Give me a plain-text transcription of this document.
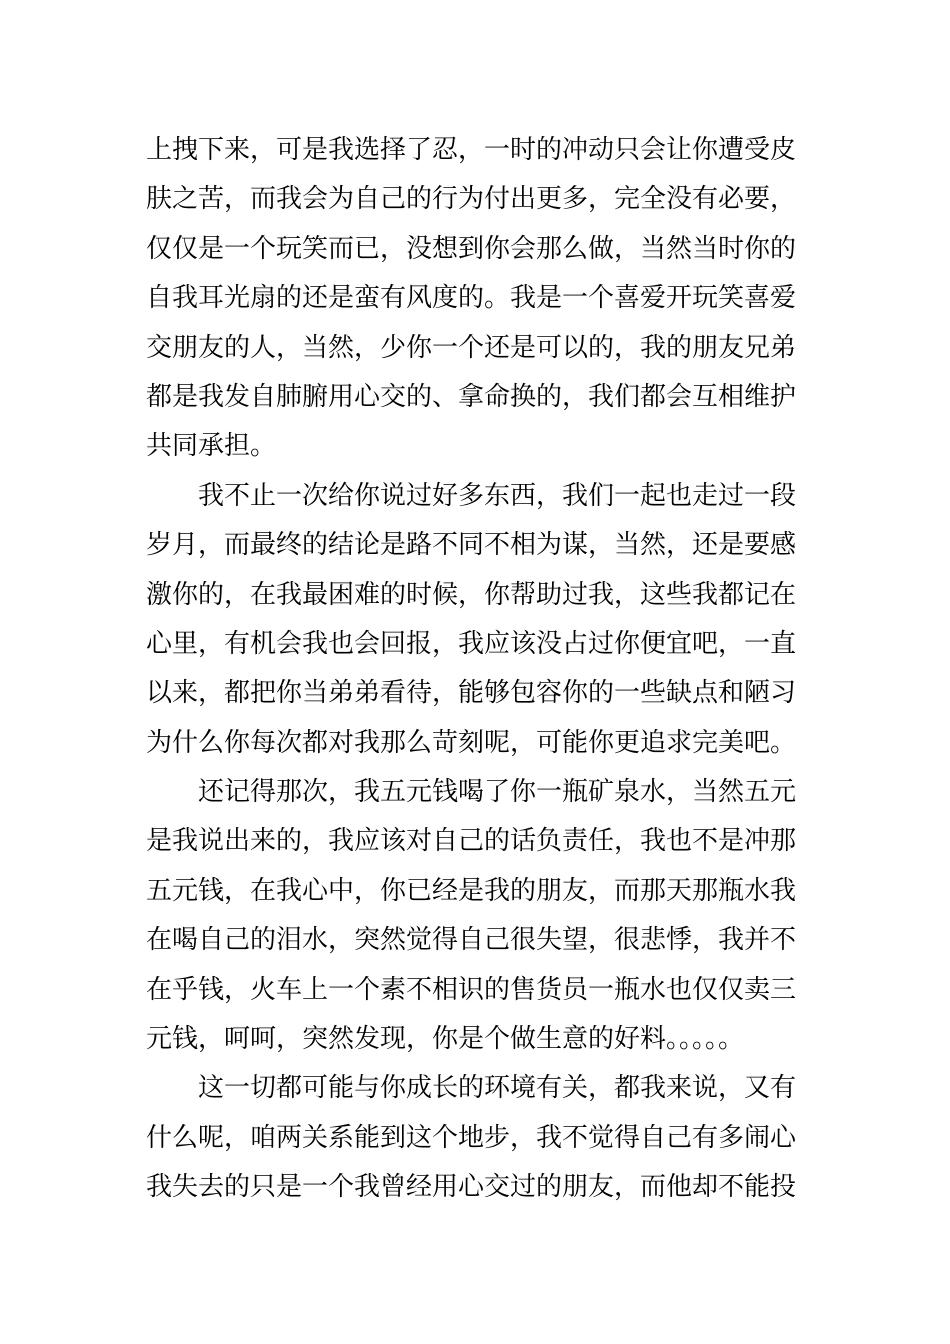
上拽下来，可是我选择了忍，一时的冲动只会让你遭受皮
肤之苦，而我会为自己的行为付出更多，完全没有必要，
仅仅是一个玩笑而已，没想到你会那么做，当然当时你的
自我耳光扇的还是蛮有风度的。我是一个喜爱开玩笑喜爱
交朋友的人，当然，少你一个还是可以的，我的朋友兄弟
都是我发自肺腑用心交的、拿命换的，我们都会互相维护
共同承担。
我不止一次给你说过好多东西，我们一起也走过一段
岁月，而最终的结论是路不同不相为谋，当然，还是要感
激你的，在我最困难的时候，你帮助过我，这些我都记在
心里，有机会我也会回报，我应该没占过你便宜吧，一直
以来，都把你当弟弟看待，能够包容你的一些缺点和陋习
为什么你每次都对我那么苛刻呢，可能你更追求完美吧。
还记得那次，我五元钱喝了你一瓶矿泉水，当然五元
是我说出来的，我应该对自己的话负责任，我也不是冲那
五元钱，在我心中，你已经是我的朋友，而那天那瓶水我
在喝自己的泪水，突然觉得自己很失望，很悲悸，我并不
在乎钱，火车上一个素不相识的售货员一瓶水也仅仅卖三
元钱，呵呵，突然发现，你是个做生意的好料。。。。。
这一切都可能与你成长的环境有关，都我来说，又有
什么呢，咱两关系能到这个地步，我不觉得自己有多闹心
我失去的只是一个我曾经用心交过的朋友，而他却不能投
